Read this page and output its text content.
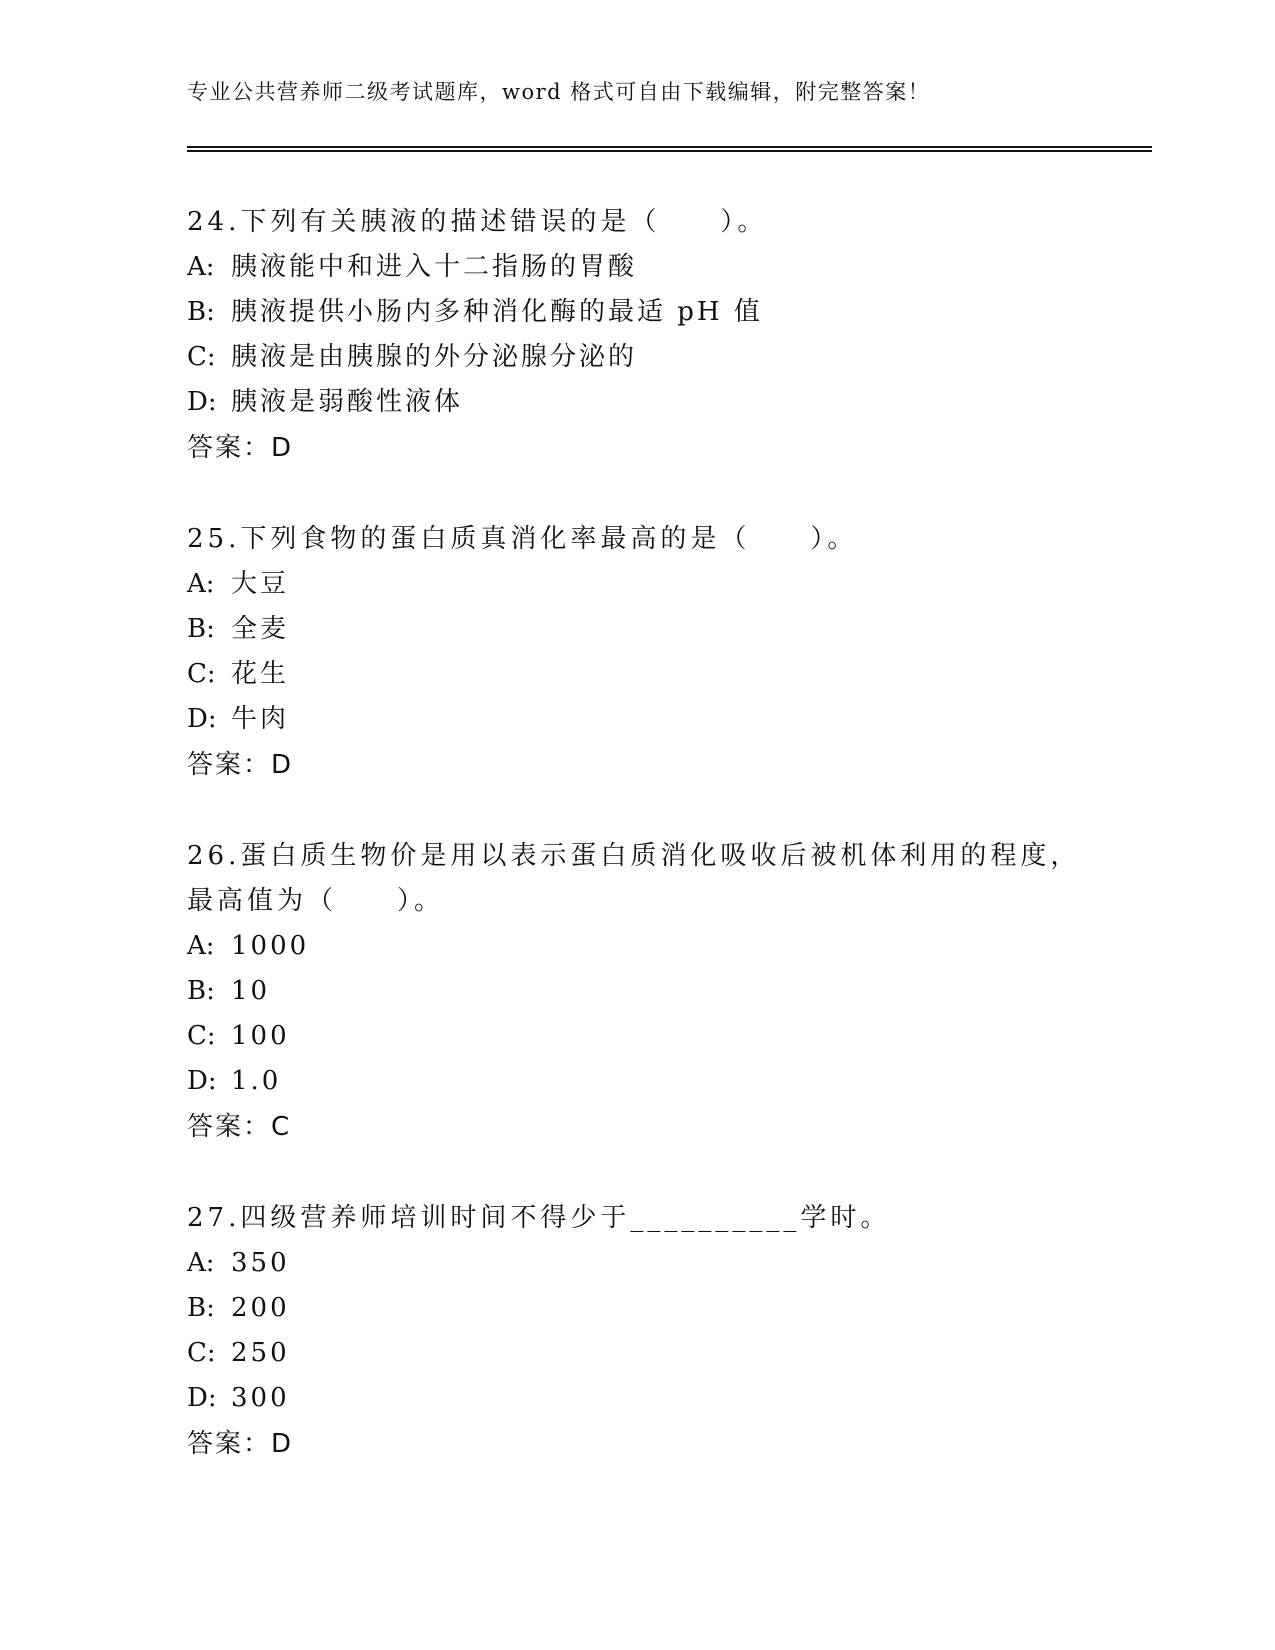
专业公共营养师二级考试题库，word 格式可自由下载编辑，附完整答案！

24.下列有关胰液的描述错误的是（　　）。

A: 胰液能中和进入十二指肠的胃酸

B: 胰液提供小肠内多种消化酶的最适 pH 值

C: 胰液是由胰腺的外分泌腺分泌的

D: 胰液是弱酸性液体

答案：D

25.下列食物的蛋白质真消化率最高的是（　　）。

A: 大豆

B: 全麦

C: 花生

D: 牛肉

答案：D

26.蛋白质生物价是用以表示蛋白质消化吸收后被机体利用的程度，最高值为（　　）。

A: 1000

B: 10

C: 100

D: 1.0

答案：C

27.四级营养师培训时间不得少于__________学时。

A: 350

B: 200

C: 250

D: 300

答案：D
